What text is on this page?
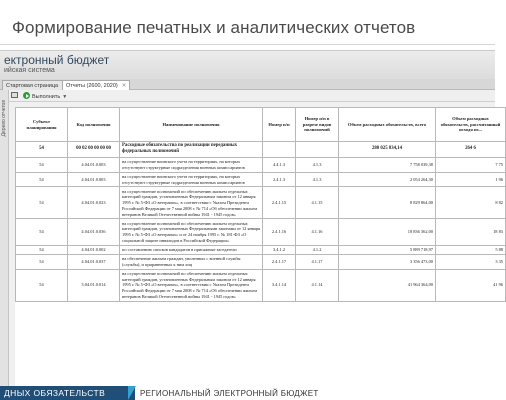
Формирование печатных и аналитических отчетов
ектронный бюджет
ийская система
Стартовая страница	Отчеты (2600, 2020) ✕
Дерево отчетов
Выполнить ▼
Субъект планирования	Код полномочия	Наименование полномочия	Номер п/п	Номер п/п в разрезе видов полномочий	Объем расходных обязательств, всего	Объем расходных обязательств, рассчитанный исходя из...
54	00 02 00 00 00 00	Расходные обязательства по реализации переданных федеральных полномочий			280 025 834,14	264 6
54	4.04.01.0.003	на осуществление воинского учета на территориях, на которых отсутствуют структурные подразделения военных комиссариатов	4.4.1.3	4.1.3	7 758 039,38	7 75
54	4.04.01.0.003	на осуществление воинского учета на территориях, на которых отсутствуют структурные подразделения военных комиссариатов	2.4.1.3	4.1.3	2 054 264,30	1 96
54	4.04.01.0.023	на осуществление полномочий по обеспечению жильем отдельных категорий граждан, установленных Федеральным законом от 12 января 1995 г. № 5-ФЗ «О ветеранах», в соответствии с Указом Президента Российской Федерации от 7 мая 2008 г. № 714 «Об обеспечении жильем ветеранов Великой Отечественной войны 1941 - 1945 годов»	2.4.1.15	4.1.15	8 829 864,00	8 82
54	4.04.01.0.036	на осуществление полномочий по обеспечению жильем отдельных категорий граждан, установленных Федеральными законами от 12 января 1995 г. № 5-ФЗ «О ветеранах» и от 24 ноября 1995 г. № 181-ФЗ «О социальной защите инвалидов в Российской Федерации»	2.4.1.16	4.1.16	18 836 362,00	18 83
54	4.04.01.0.002	по составлению списков кандидатов в присяжные заседатели	3.4.1.2	4.1.2	5 889 718,97	5 88
54	4.04.01.0.037	на обеспечение жильем граждан, уволенных с военной службы (службы), и приравненных к ним лиц	2.4.1.17	4.1.17	3 356 473,00	3 35
54	3.04.01.0.014	на осуществление полномочий по обеспечению жильем отдельных категорий граждан, установленных Федеральным законом от 12 января 1995 г. № 5-ФЗ «О ветеранах», в соответствии с Указом Президента Российской Федерации от 7 мая 2008 г. № 714 «Об обеспечении жильем ветеранов Великой Отечественной войны 1941 - 1945 годов»	3.4.1.14	4.1.14	41 964 364,00	41 96
ДНЫХ ОБЯЗАТЕЛЬСТВ	РЕГИОНАЛЬНЫЙ ЭЛЕКТРОННЫЙ БЮДЖЕТ
